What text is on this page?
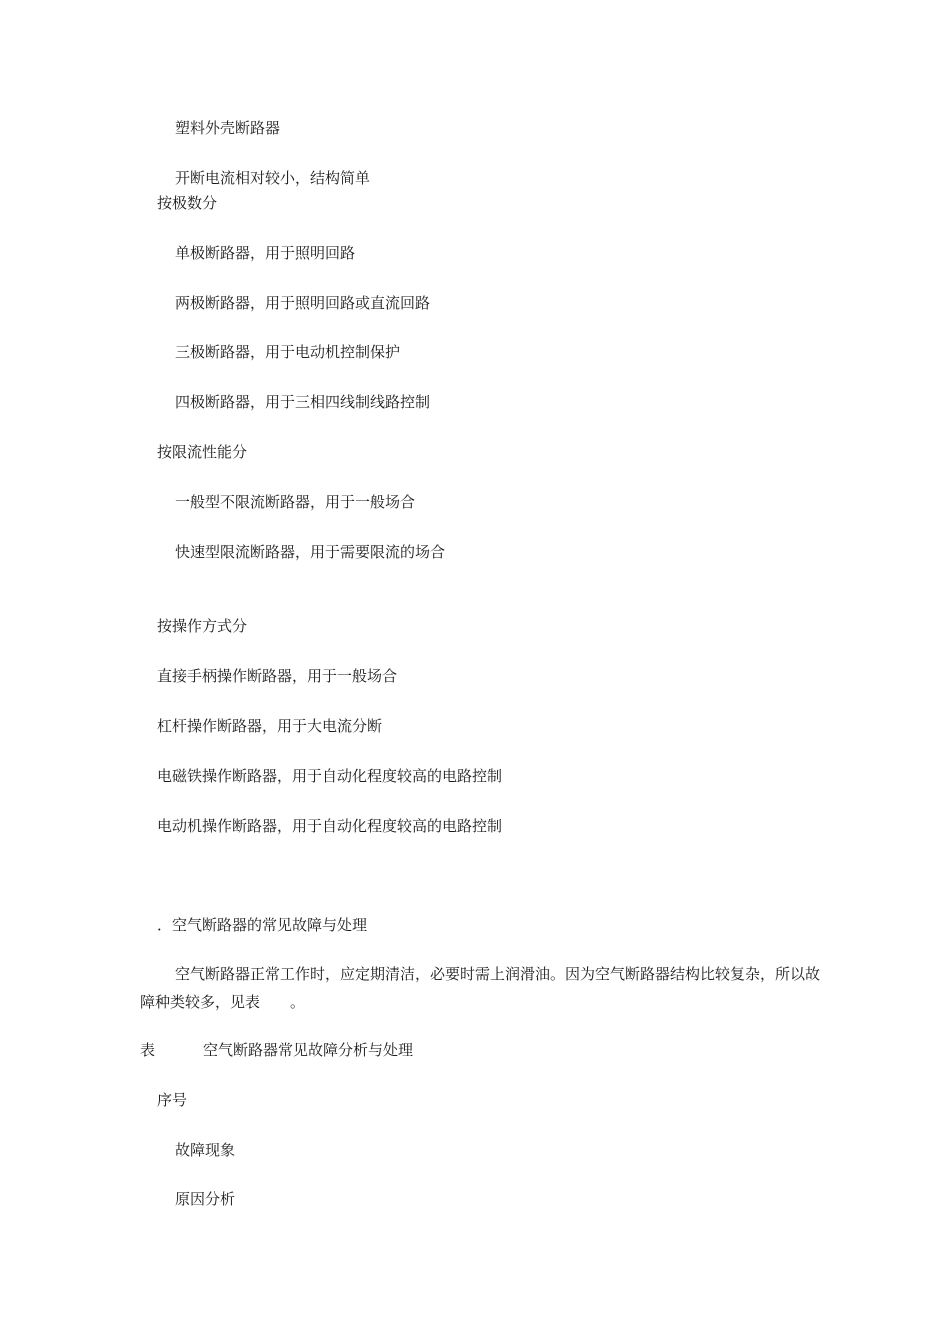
塑料外壳断路器
开断电流相对较小，结构简单
按极数分
单极断路器，用于照明回路
两极断路器，用于照明回路或直流回路
三极断路器，用于电动机控制保护
四极断路器，用于三相四线制线路控制
按限流性能分
一般型不限流断路器，用于一般场合
快速型限流断路器，用于需要限流的场合
按操作方式分
直接手柄操作断路器，用于一般场合
杠杆操作断路器，用于大电流分断
电磁铁操作断路器，用于自动化程度较高的电路控制
电动机操作断路器，用于自动化程度较高的电路控制
．空气断路器的常见故障与处理
空气断路器正常工作时，应定期清洁，必要时需上润滑油。因为空气断路器结构比较复杂，所以故障种类较多，见表　　。
表	空气断路器常见故障分析与处理
序号
故障现象
原因分析
